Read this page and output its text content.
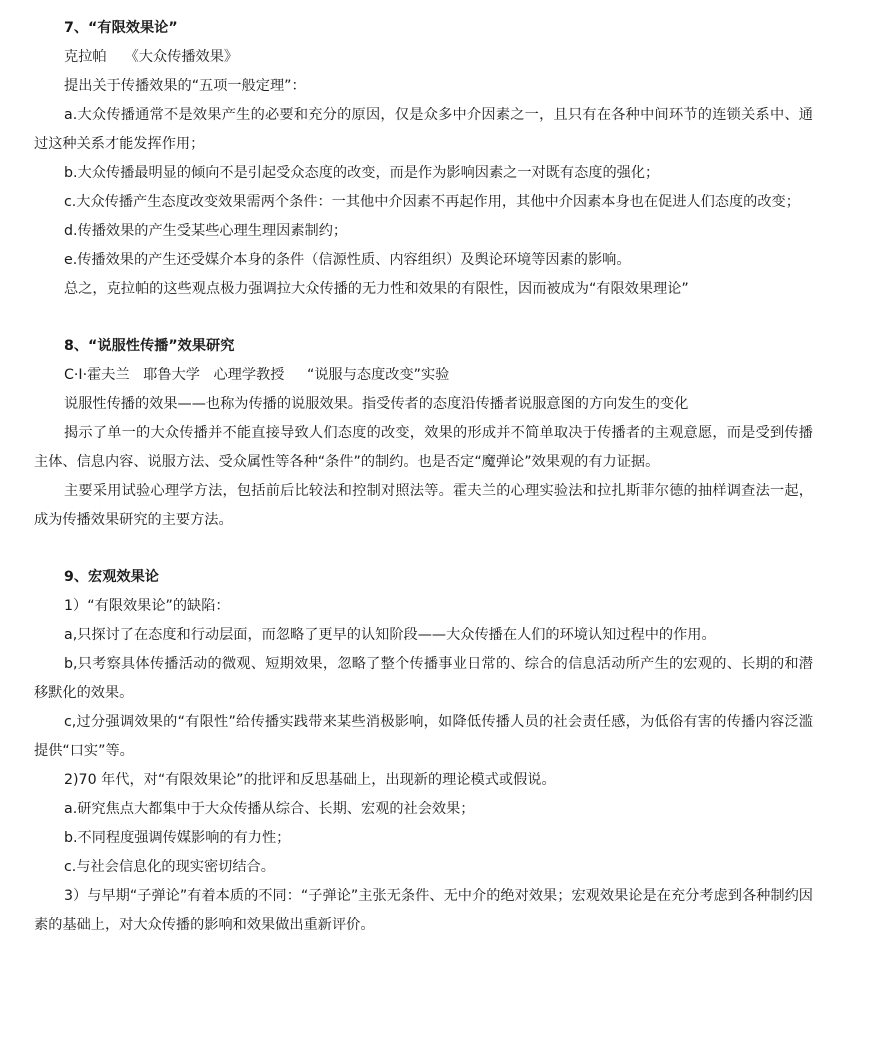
7、“有限效果论”

克拉帕    《大众传播效果》

提出关于传播效果的“五项一般定理”：

a.大众传播通常不是效果产生的必要和充分的原因，仅是众多中介因素之一，且只有在各种中间环节的连锁关系中、通过这种关系才能发挥作用；

b.大众传播最明显的倾向不是引起受众态度的改变，而是作为影响因素之一对既有态度的强化；

c.大众传播产生态度改变效果需两个条件：一其他中介因素不再起作用，其他中介因素本身也在促进人们态度的改变；

d.传播效果的产生受某些心理生理因素制约；

e.传播效果的产生还受媒介本身的条件（信源性质、内容组织）及舆论环境等因素的影响。

总之，克拉帕的这些观点极力强调拉大众传播的无力性和效果的有限性，因而被成为“有限效果理论”

8、“说服性传播”效果研究

C·I·霍夫兰   耶鲁大学   心理学教授     “说服与态度改变”实验

说服性传播的效果——也称为传播的说服效果。指受传者的态度沿传播者说服意图的方向发生的变化

揭示了单一的大众传播并不能直接导致人们态度的改变，效果的形成并不简单取决于传播者的主观意愿，而是受到传播主体、信息内容、说服方法、受众属性等各种“条件”的制约。也是否定“魔弹论”效果观的有力证据。

主要采用试验心理学方法，包括前后比较法和控制对照法等。霍夫兰的心理实验法和拉扎斯菲尔德的抽样调查法一起，成为传播效果研究的主要方法。

9、宏观效果论

1）“有限效果论”的缺陷：

a,只探讨了在态度和行动层面，而忽略了更早的认知阶段——大众传播在人们的环境认知过程中的作用。

b,只考察具体传播活动的微观、短期效果，忽略了整个传播事业日常的、综合的信息活动所产生的宏观的、长期的和潜移默化的效果。

c,过分强调效果的“有限性”给传播实践带来某些消极影响，如降低传播人员的社会责任感，为低俗有害的传播内容泛滥提供“口实”等。

2)70 年代，对“有限效果论”的批评和反思基础上，出现新的理论模式或假说。

a.研究焦点大都集中于大众传播从综合、长期、宏观的社会效果；

b.不同程度强调传媒影响的有力性；

c.与社会信息化的现实密切结合。

3）与早期“子弹论”有着本质的不同：“子弹论”主张无条件、无中介的绝对效果；宏观效果论是在充分考虑到各种制约因素的基础上，对大众传播的影响和效果做出重新评价。
